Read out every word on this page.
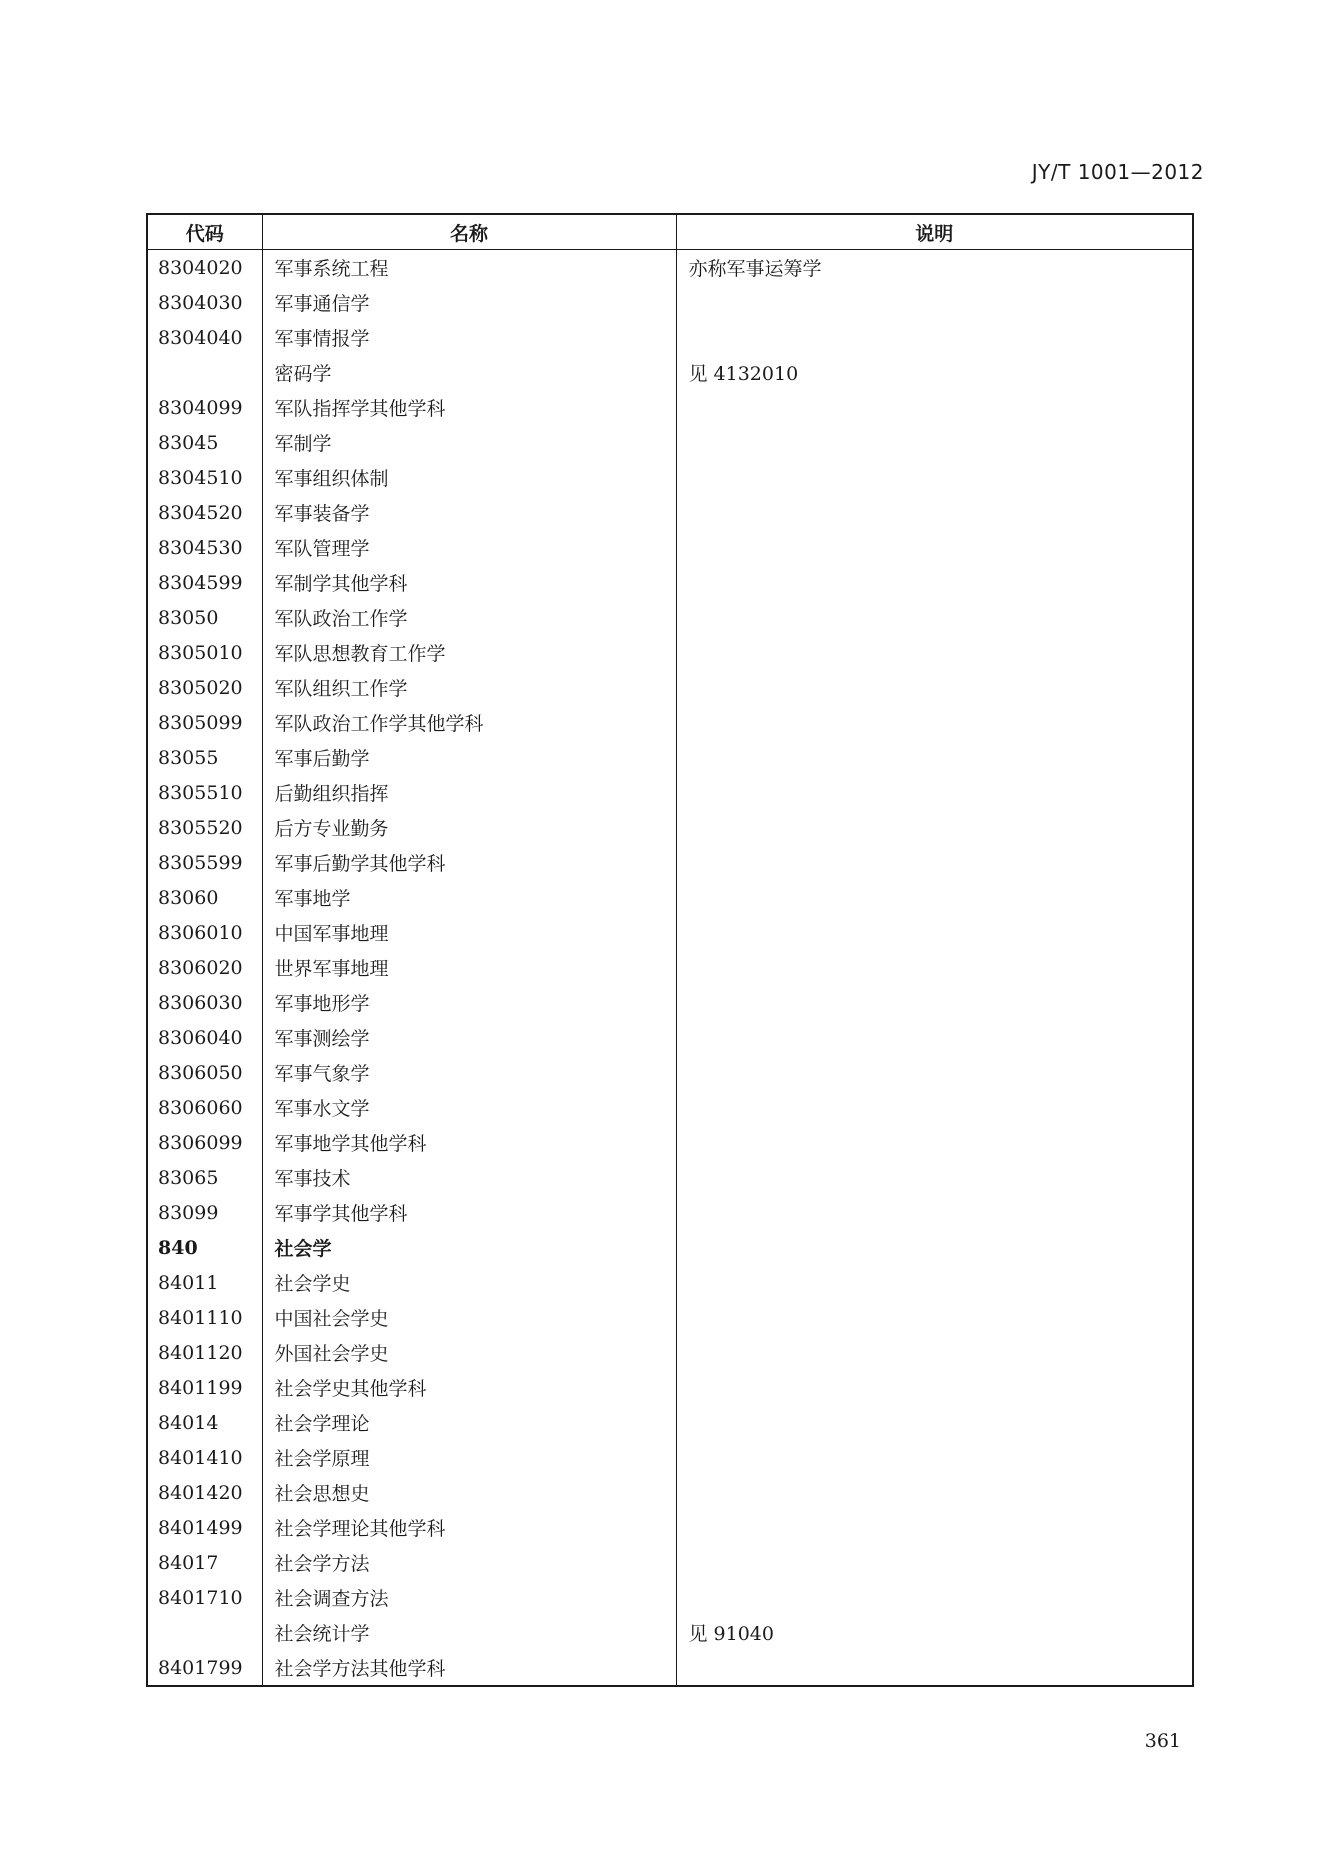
JY/T 1001—2012
代码	名称	说明
8304020	军事系统工程	亦称军事运筹学
8304030	军事通信学	
8304040	军事情报学	
	密码学	见 4132010
8304099	军队指挥学其他学科	
83045	军制学	
8304510	军事组织体制	
8304520	军事装备学	
8304530	军队管理学	
8304599	军制学其他学科	
83050	军队政治工作学	
8305010	军队思想教育工作学	
8305020	军队组织工作学	
8305099	军队政治工作学其他学科	
83055	军事后勤学	
8305510	后勤组织指挥	
8305520	后方专业勤务	
8305599	军事后勤学其他学科	
83060	军事地学	
8306010	中国军事地理	
8306020	世界军事地理	
8306030	军事地形学	
8306040	军事测绘学	
8306050	军事气象学	
8306060	军事水文学	
8306099	军事地学其他学科	
83065	军事技术	
83099	军事学其他学科	
840	社会学	
84011	社会学史	
8401110	中国社会学史	
8401120	外国社会学史	
8401199	社会学史其他学科	
84014	社会学理论	
8401410	社会学原理	
8401420	社会思想史	
8401499	社会学理论其他学科	
84017	社会学方法	
8401710	社会调查方法	
	社会统计学	见 91040
8401799	社会学方法其他学科	
361
